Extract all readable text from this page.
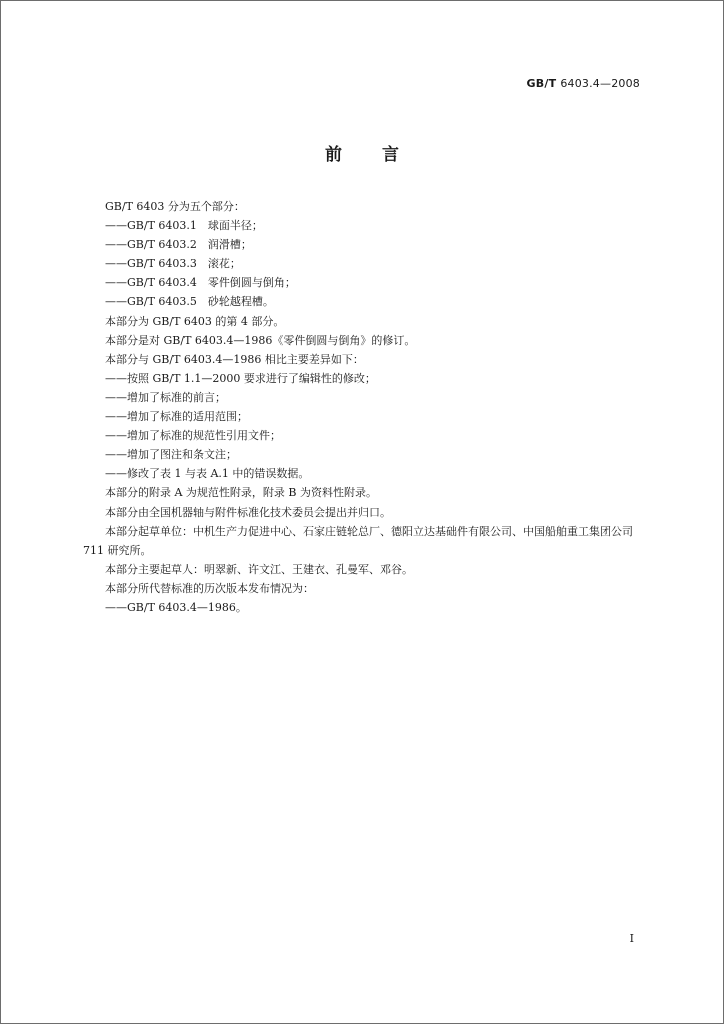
GB/T 6403.4—2008
前言

GB/T 6403 分为五个部分：

——GB/T 6403.1　球面半径；

——GB/T 6403.2　润滑槽；

——GB/T 6403.3　滚花；

——GB/T 6403.4　零件倒圆与倒角；

——GB/T 6403.5　砂轮越程槽。

本部分为 GB/T 6403 的第 4 部分。

本部分是对 GB/T 6403.4—1986《零件倒圆与倒角》的修订。

本部分与 GB/T 6403.4—1986 相比主要差异如下：

——按照 GB/T 1.1—2000 要求进行了编辑性的修改；

——增加了标准的前言；

——增加了标准的适用范围；

——增加了标准的规范性引用文件；

——增加了图注和条文注；

——修改了表 1 与表 A.1 中的错误数据。

本部分的附录 A 为规范性附录，附录 B 为资料性附录。

本部分由全国机器轴与附件标准化技术委员会提出并归口。

本部分起草单位：中机生产力促进中心、石家庄链轮总厂、德阳立达基础件有限公司、中国船舶重工集团公司 711 研究所。

本部分主要起草人：明翠新、许文江、王建衣、孔曼军、邓谷。

本部分所代替标准的历次版本发布情况为：

——GB/T 6403.4—1986。

I
